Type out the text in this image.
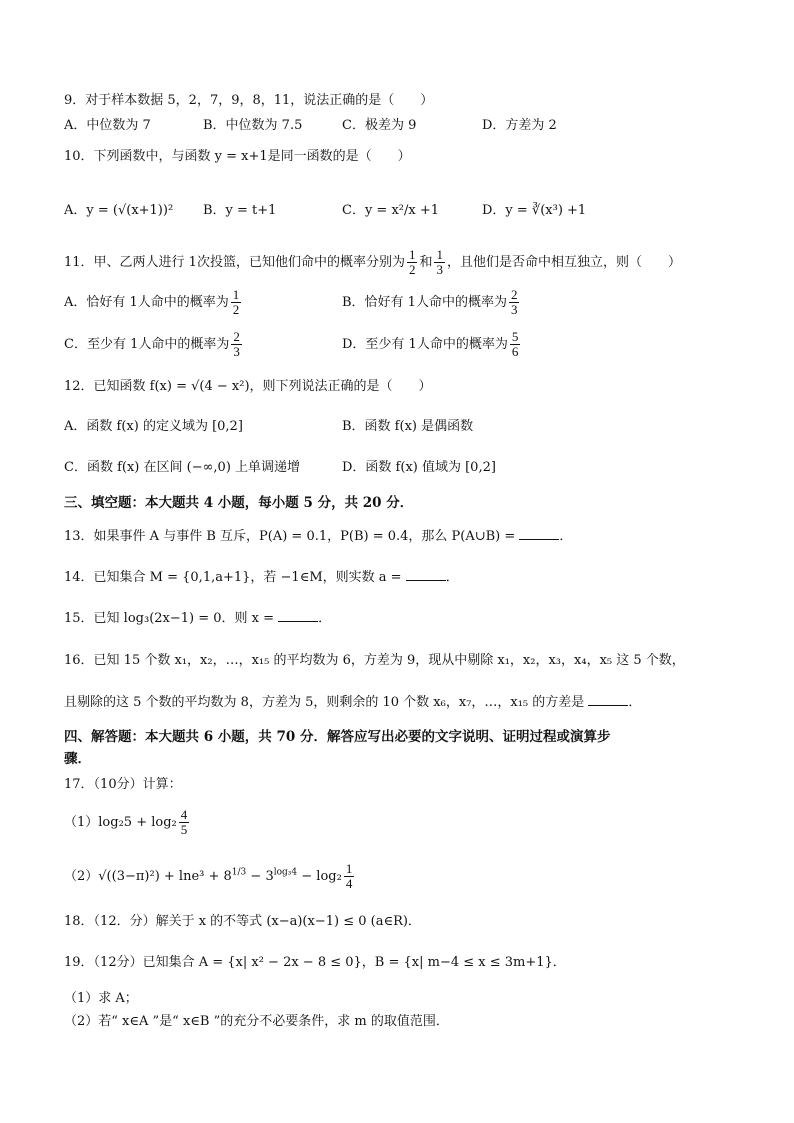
9．对于样本数据 5，2，7，9，8，11，说法正确的是（　　）
A．中位数为 7	B．中位数为 7.5	C．极差为 9	D．方差为 2
10．下列函数中，与函数 y = x+1是同一函数的是（　　）
A．y = (√(x+1))² B．y = t+1	C．y = x²/x +1	D．y = ∛(x³) +1
11．甲、乙两人进行 1次投篮，已知他们命中的概率分别为 $\frac{1}{2}$ 和 $\frac{1}{3}$ ，且他们是否命中相互独立，则（　　）
A．恰好有 1人命中的概率为 $\frac{1}{2}$	B．恰好有 1人命中的概率为 $\frac{2}{3}$
C．至少有 1人命中的概率为 $\frac{2}{3}$	D．至少有 1人命中的概率为 $\frac{5}{6}$
12．已知函数 f(x) = √(4 − x²)，则下列说法正确的是（　　）
A．函数 f(x) 的定义域为 [0,2]	B．函数 f(x) 是偶函数
C．函数 f(x) 在区间 (−∞,0) 上单调递增	D．函数 f(x) 值域为 [0,2]
三、填空题：本大题共 4 小题，每小题 5 分，共 20 分．
13．如果事件 A 与事件 B 互斥，P(A) = 0.1，P(B) = 0.4，那么 P(A∪B) =	．
14．已知集合 M = {0,1,a+1}，若 −1∈M，则实数 a =	．
15．已知 log₃(2x−1) = 0．则 x =	．
16．已知 15 个数 x₁，x₂，…，x₁₅ 的平均数为 6，方差为 9，现从中剔除 x₁，x₂，x₃，x₄，x₅ 这 5 个数，
且剔除的这 5 个数的平均数为 8，方差为 5，则剩余的 10 个数 x₆，x₇，…，x₁₅ 的方差是	．
四、解答题：本大题共 6 小题，共 70 分．解答应写出必要的文字说明、证明过程或演算步
骤．
17．（10分）计算：
$(1)\log_25 + \log_2 \frac{4}{5}$
$(2)√((3-\pi)^2) + \ln e^3 + 8^{1/3} - 3^{log_34} - \log_2 \frac{1}{4}$
18．（12．分）解关于 x 的不等式 (x−a)(x−1) ≤ 0 (a∈R)．
19．（12分）已知集合 A = {x| x² − 2x − 8 ≤ 0}，B = {x| m−4 ≤ x ≤ 3m+1}．
（1）求 A；
（2）若“ x∈A ”是“ x∈B ”的充分不必要条件，求 m 的取值范围．
